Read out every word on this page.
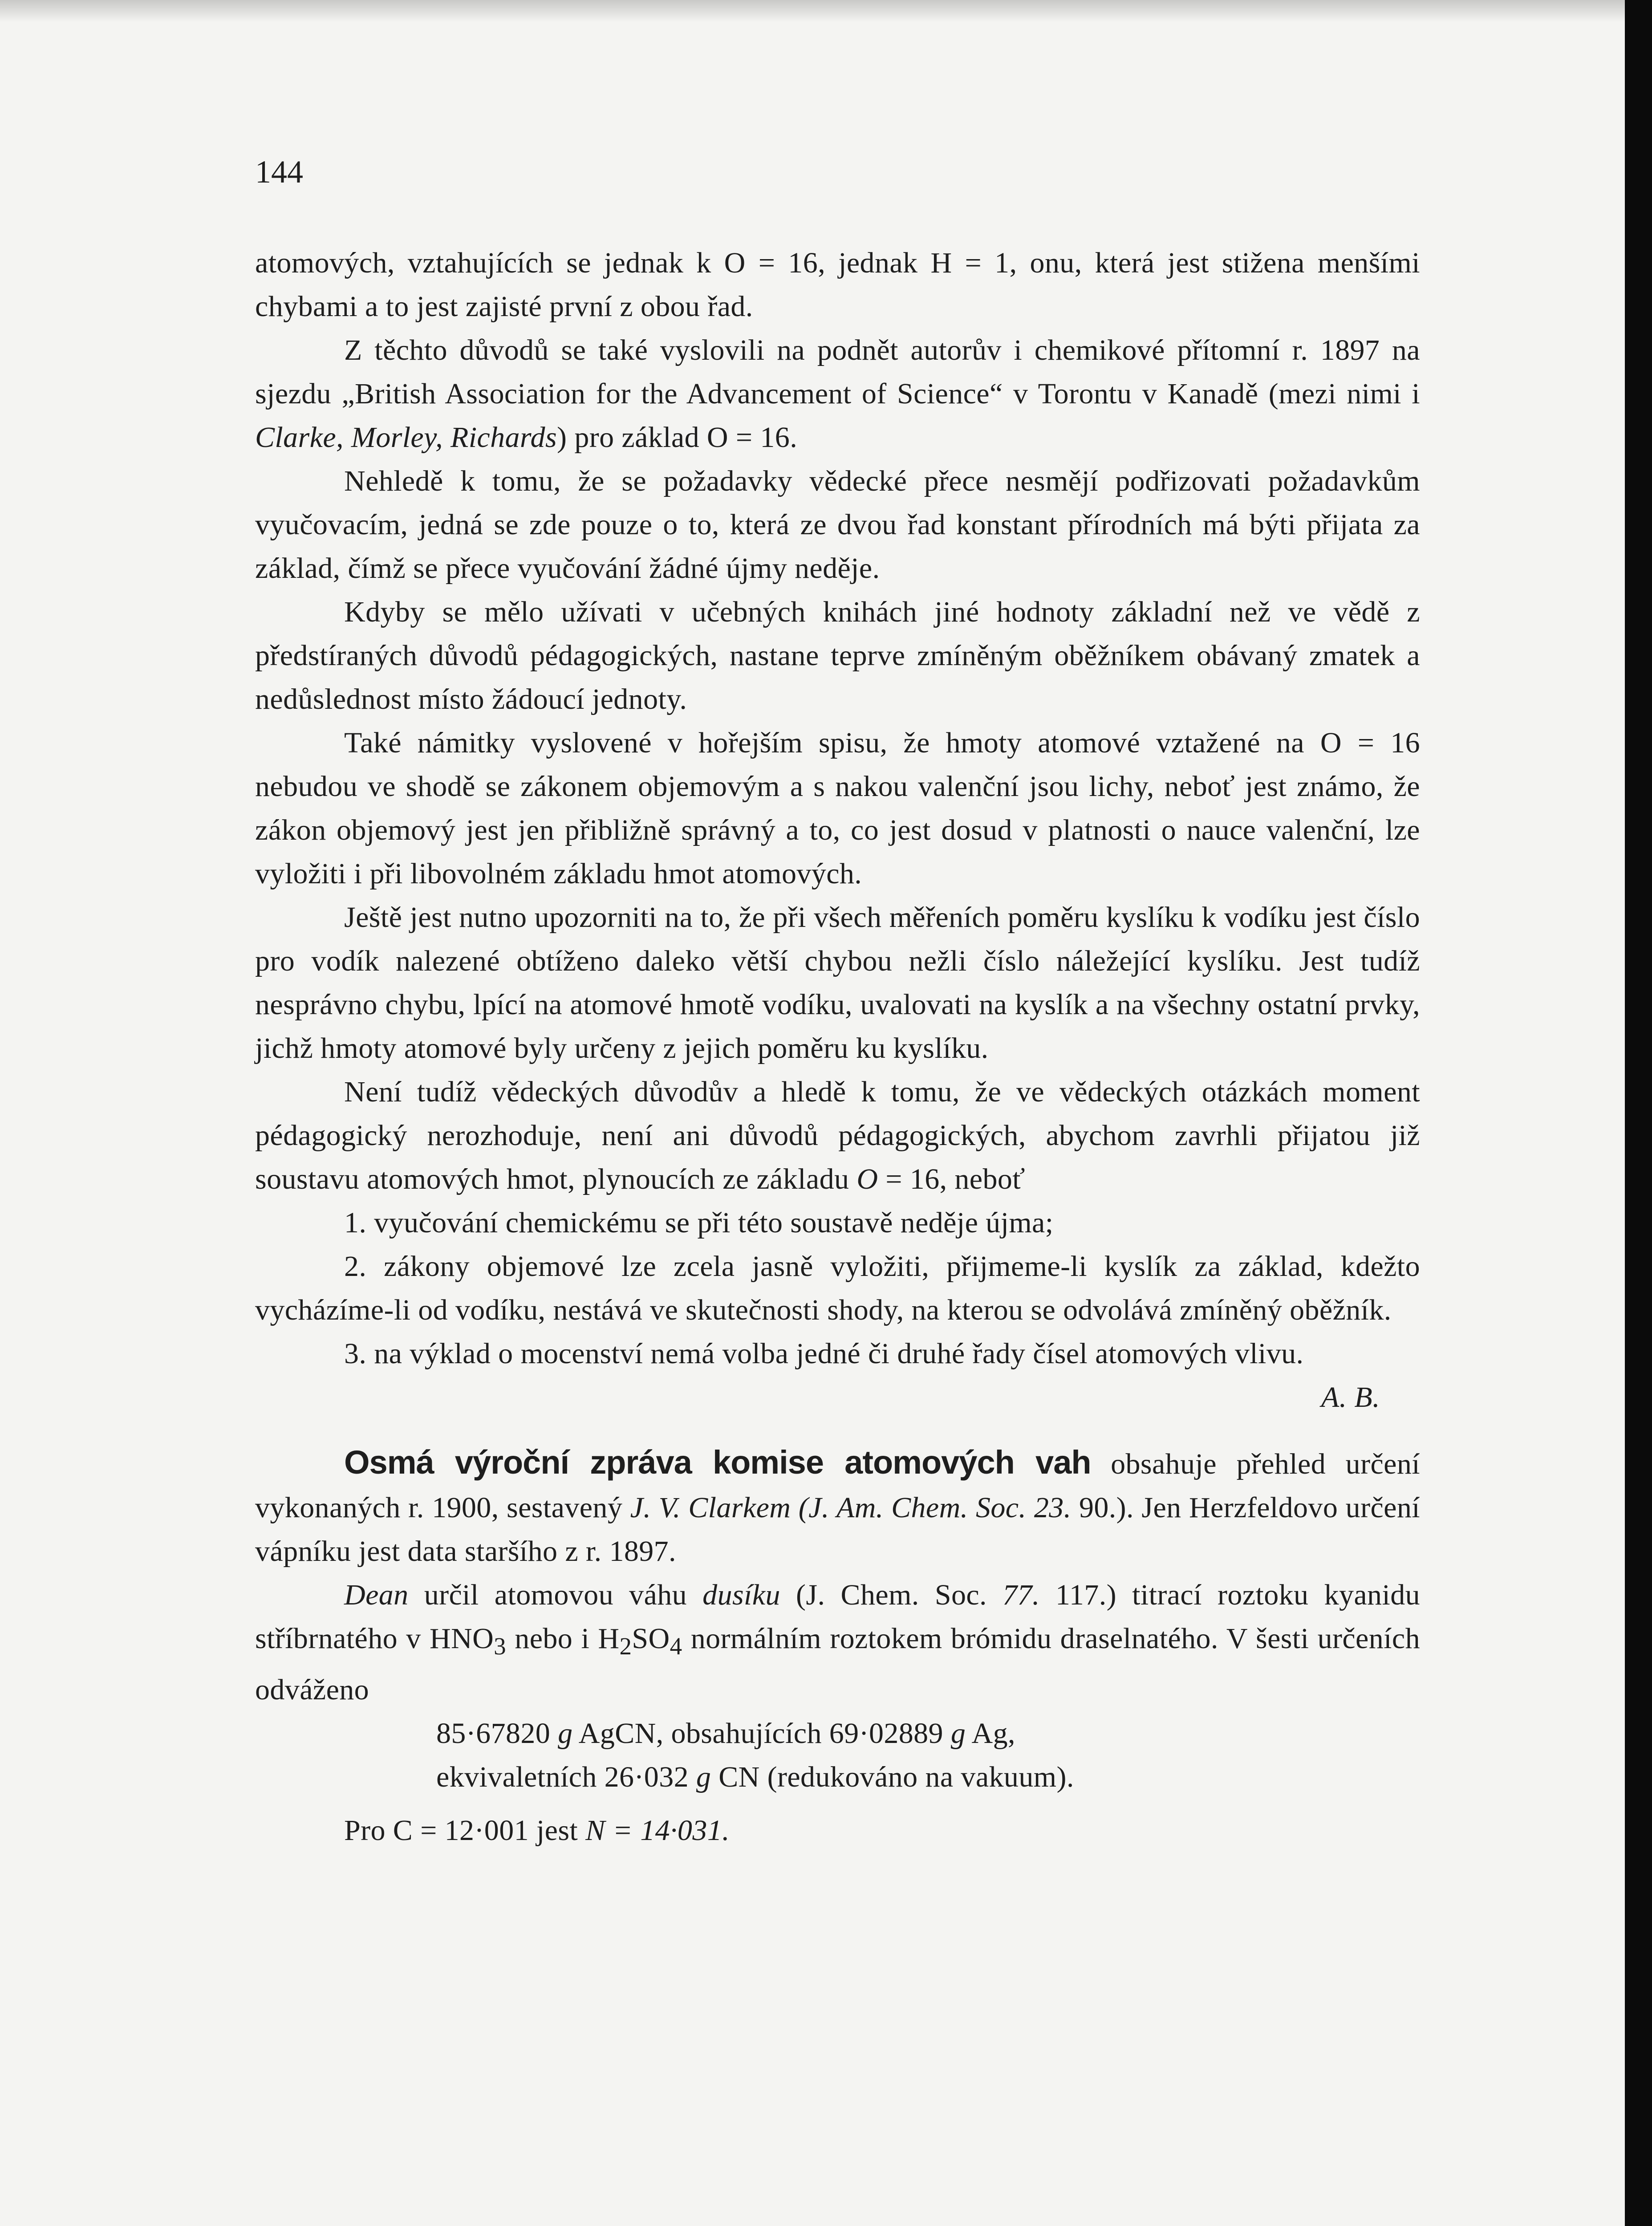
144

atomových, vztahujících se jednak k O = 16, jednak H = 1, onu, která jest stižena menšími chybami a to jest zajisté první z obou řad.

Z těchto důvodů se také vyslovili na podnět autorův i chemikové přítomní r. 1897 na sjezdu „British Association for the Advancement of Science“ v Torontu v Kanadě (mezi nimi i Clarke, Morley, Richards) pro základ O = 16.

Nehledě k tomu, že se požadavky vědecké přece nesmějí podřizovati požadavkům vyučovacím, jedná se zde pouze o to, která ze dvou řad konstant přírodních má býti přijata za základ, čímž se přece vyučování žádné újmy neděje.

Kdyby se mělo užívati v učebných knihách jiné hodnoty základní než ve vědě z předstíraných důvodů pédagogických, nastane teprve zmíněným oběžníkem obávaný zmatek a nedůslednost místo žádoucí jednoty.

Také námitky vyslovené v hořejším spisu, že hmoty atomové vztažené na O = 16 nebudou ve shodě se zákonem objemovým a s nakou valenční jsou lichy, neboť jest známo, že zákon objemový jest jen přibližně správný a to, co jest dosud v platnosti o nauce valenční, lze vyložiti i při libovolném základu hmot atomových.

Ještě jest nutno upozorniti na to, že při všech měřeních poměru kyslíku k vodíku jest číslo pro vodík nalezené obtíženo daleko větší chybou nežli číslo náležející kyslíku. Jest tudíž nesprávno chybu, lpící na atomové hmotě vodíku, uvalovati na kyslík a na všechny ostatní prvky, jichž hmoty atomové byly určeny z jejich poměru ku kyslíku.

Není tudíž vědeckých důvodův a hledě k tomu, že ve vědeckých otázkách moment pédagogický nerozhoduje, není ani důvodů pédagogických, abychom zavrhli přijatou již soustavu atomových hmot, plynoucích ze základu O = 16, neboť

1. vyučování chemickému se při této soustavě neděje újma;

2. zákony objemové lze zcela jasně vyložiti, přijmeme-li kyslík za základ, kdežto vycházíme-li od vodíku, nestává ve skutečnosti shody, na kterou se odvolává zmíněný oběžník.

3. na výklad o mocenství nemá volba jedné či druhé řady čísel atomových vlivu.

A. B.

Osmá výroční zpráva komise atomových vah obsahuje přehled určení vykonaných r. 1900, sestavený J. V. Clarkem (J. Am. Chem. Soc. 23. 90.). Jen Herzfeldovo určení vápníku jest data staršího z r. 1897.

Dean určil atomovou váhu dusíku (J. Chem. Soc. 77. 117.) titrací roztoku kyanidu stříbrnatého v $HNO_3$ nebo i $H_2SO_4$ normálním roztokem brómidu draselnatého. V šesti určeních odváženo

85·67820 g AgCN, obsahujících 69·02889 g Ag,
ekvivaletních 26·032 g CN (redukováno na vakuum).
Pro C = 12·001 jest N = 14·031.
